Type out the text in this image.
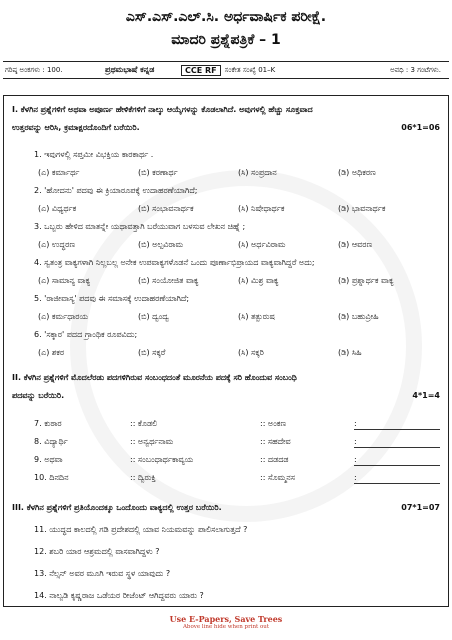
ಎಸ್.ಎಸ್.ಎಲ್.ಸಿ. ಅರ್ಧವಾರ್ಷಿಕ ಪರೀಕ್ಷೆ.
ಮಾದರಿ ಪ್ರಶ್ನೆಪತ್ರಿಕೆ – 1
ಗರಿಷ್ಠ ಅಂಕಗಳು : 100.	ಪ್ರಥಮಭಾಷೆ ಕನ್ನಡ	CCE RF	ಸಂಕೇತ ಸಂಖ್ಯೆ 01–K	ಅವಧಿ : 3 ಗಂಟೆಗಳು.
I. ಕೆಳಗಿನ ಪ್ರಶ್ನೆಗಳಿಗೆ ಅಥವಾ ಅಪೂರ್ಣ ಹೇಳಿಕೆಗಳಿಗೆ ನಾಲ್ಕು ಆಯ್ಕೆಗಳನ್ನು ಕೊಡಲಾಗಿದೆ. ಅವುಗಳಲ್ಲಿ ಹೆಚ್ಚು ಸೂಕ್ತವಾದ
ಉತ್ತರವನ್ನು ಆರಿಸಿ, ಕ್ರಮಾಕ್ಷರದೊಂದಿಗೆ ಬರೆಯಿರಿ.	06*1=06
1. ಇವುಗಳಲ್ಲಿ ಸಪ್ತಮೀ ವಿಭಕ್ತಿಯ ಕಾರಕಾರ್ಥ .
(ಎ) ಕರ್ಮಾರ್ಥ	(ಬಿ) ಕರಣಾರ್ಥ	(ಸಿ) ಸಂಪ್ರದಾನ	(ಡಿ) ಅಧಿಕರಣ
2. 'ಹೋದನು' ಪದವು ಈ ಕ್ರಿಯಾರೂಪಕ್ಕೆ ಉದಾಹರಣೆಯಾಗಿದೆ;
(ಎ) ವಿಧ್ಯರ್ಥಕ	(ಬಿ) ಸಂಭಾವನಾರ್ಥಕ	(ಸಿ) ನಿಷೇಧಾರ್ಥಕ	(ಡಿ) ಭಾವನಾರ್ಥಕ
3. ಒಬ್ಬರು ಹೇಳಿದ ಮಾತನ್ನೇ ಯಥಾವತ್ತಾಗಿ ಬರೆಯುವಾಗ ಬಳಸುವ ಲೇಖನ ಚಿಹ್ನೆ ;
(ಎ) ಉದ್ಧರಣ	(ಬಿ) ಅಲ್ಪವಿರಾಮ	(ಸಿ) ಅರ್ಧವಿರಾಮ	(ಡಿ) ಆವರಣ
4. ಸ್ವತಂತ್ರ ವಾಕ್ಯಗಳಾಗಿ ನಿಲ್ಲಬಲ್ಲ ಅನೇಕ ಉಪವಾಕ್ಯಗಳೊಡನೆ ಒಂದು ಪೂರ್ಣಾಭಿಪ್ರಾಯದ ವಾಕ್ಯವಾಗಿದ್ದರೆ ಅದು;
(ಎ) ಸಾಮಾನ್ಯ ವಾಕ್ಯ	(ಬಿ) ಸಂಯೋಜಿತ ವಾಕ್ಯ	(ಸಿ) ಮಿಶ್ರ ವಾಕ್ಯ	(ಡಿ) ಪ್ರಶ್ನಾರ್ಥಕ ವಾಕ್ಯ
5. 'ರಾಜೀವಾಸ್ಯ' ಪದವು ಈ ಸಮಾಸಕ್ಕೆ ಉದಾಹರಣೆಯಾಗಿದೆ;
(ಎ) ಕರ್ಮಧಾರಯ	(ಬಿ) ದ್ವಂದ್ವ	(ಸಿ) ತತ್ಪುರುಷ	(ಡಿ) ಬಹುವ್ರೀಹಿ
6. 'ಸಕ್ಕಾರ' ಪದದ ಗ್ರಾಂಥಿಕ ರೂಪವಿದು;
(ಎ) ಶಕರ	(ಬಿ) ಸಕ್ಕರೆ	(ಸಿ) ಸಕ್ಕರಿ	(ಡಿ) ಸಿಹಿ
II. ಕೆಳಗಿನ ಪ್ರಶ್ನೆಗಳಿಗೆ ಮೊದಲೆರಡು ಪದಗಳಿಗಿರುವ ಸಂಬಂಧದಂತೆ ಮೂರನೆಯ ಪದಕ್ಕೆ ಸರಿ ಹೊಂದುವ ಸಂಬಂಧಿ
ಪದವನ್ನು ಬರೆಯಿರಿ.	4*1=4
7. ಕುಠಾರ	:: ಕೊಡಲಿ	:: ಅಂಕಣ	:
8. ವಿದ್ಯಾರ್ಥಿ	:: ಅನ್ವರ್ಥನಾಮ	:: ಸಹದೇವ	:
9. ಅಥವಾ	:: ಸಂಬಂಧಾರ್ಥಕಾವ್ಯಯ	:: ದಡದಡ	:
10. ದಿನದಿನ	:: ದ್ವಿರುಕ್ತಿ	:: ಸೊಮ್ಮನಸ	:
III. ಕೆಳಗಿನ ಪ್ರಶ್ನೆಗಳಿಗೆ ಪ್ರತಿಯೊಂದಕ್ಕೂ ಒಂದೊಂದು ವಾಕ್ಯದಲ್ಲಿ ಉತ್ತರ ಬರೆಯಿರಿ.	07*1=07
11. ಯುದ್ಧದ ಕಾಲದಲ್ಲಿ ಗಡಿ ಪ್ರದೇಶದಲ್ಲಿ ಯಾವ ನಿಯಮವನ್ನು ಪಾಲಿಸಲಾಗುತ್ತದೆ ?
12. ಶಬರಿ ಯಾರ ಆಶ್ರಮದಲ್ಲಿ ವಾಸವಾಗಿದ್ದಳು ?
13. ನೆಲ್ಸನ್ ಅವರ ಮೂಗಿ ಇರುವ ಸ್ಥಳ ಯಾವುದು ?
14. ನಾಲ್ವಡಿ ಕೃಷ್ಣರಾಜ ಒಡೆಯರ ರೀಜೆಂಟ್ ಆಗಿದ್ದವರು ಯಾರು ?
Use E-Papers, Save Trees
Above line hide when print out
